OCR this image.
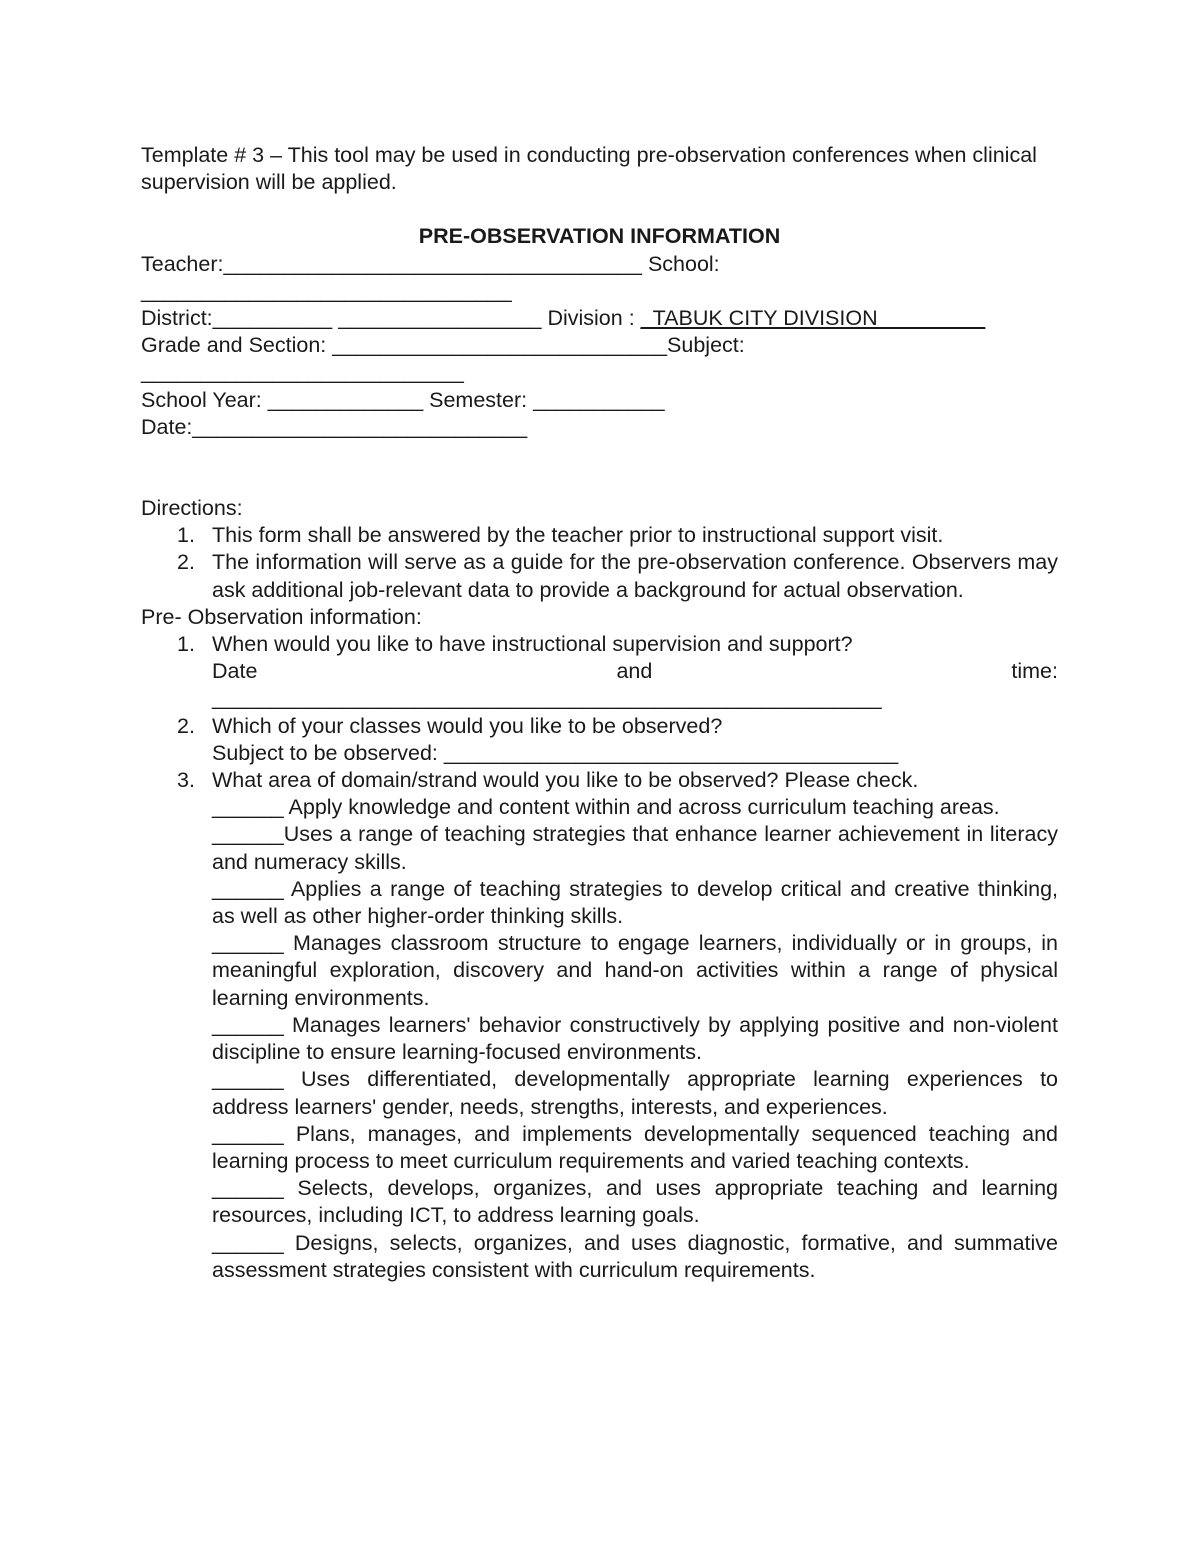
Template # 3 – This tool may be used in conducting pre-observation conferences when clinical supervision will be applied.

PRE-OBSERVATION INFORMATION
Teacher:___________________________________ School:
_______________________________
District:__________ _________________ Division : _TABUK CITY DIVISION_________
Grade and Section: ____________________________Subject:
___________________________
School Year: _____________ Semester: ___________
Date:____________________________
Directions:
1. This form shall be answered by the teacher prior to instructional support visit.
2. The information will serve as a guide for the pre-observation conference. Observers may ask additional job-relevant data to provide a background for actual observation.
Pre- Observation information:
1. When would you like to have instructional supervision and support?
Date	and	time:
________________________________________________________
2. Which of your classes would you like to be observed?
Subject to be observed: ______________________________________
3. What area of domain/strand would you like to be observed? Please check.

______ Apply knowledge and content within and across curriculum teaching areas.

______Uses a range of teaching strategies that enhance learner achievement in literacy and numeracy skills.

______ Applies a range of teaching strategies to develop critical and creative thinking, as well as other higher-order thinking skills.

______ Manages classroom structure to engage learners, individually or in groups, in meaningful exploration, discovery and hand-on activities within a range of physical learning environments.

______ Manages learners' behavior constructively by applying positive and non-violent discipline to ensure learning-focused environments.

______ Uses differentiated, developmentally appropriate learning experiences to address learners' gender, needs, strengths, interests, and experiences.

______ Plans, manages, and implements developmentally sequenced teaching and learning process to meet curriculum requirements and varied teaching contexts.

______ Selects, develops, organizes, and uses appropriate teaching and learning resources, including ICT, to address learning goals.

______ Designs, selects, organizes, and uses diagnostic, formative, and summative assessment strategies consistent with curriculum requirements.
